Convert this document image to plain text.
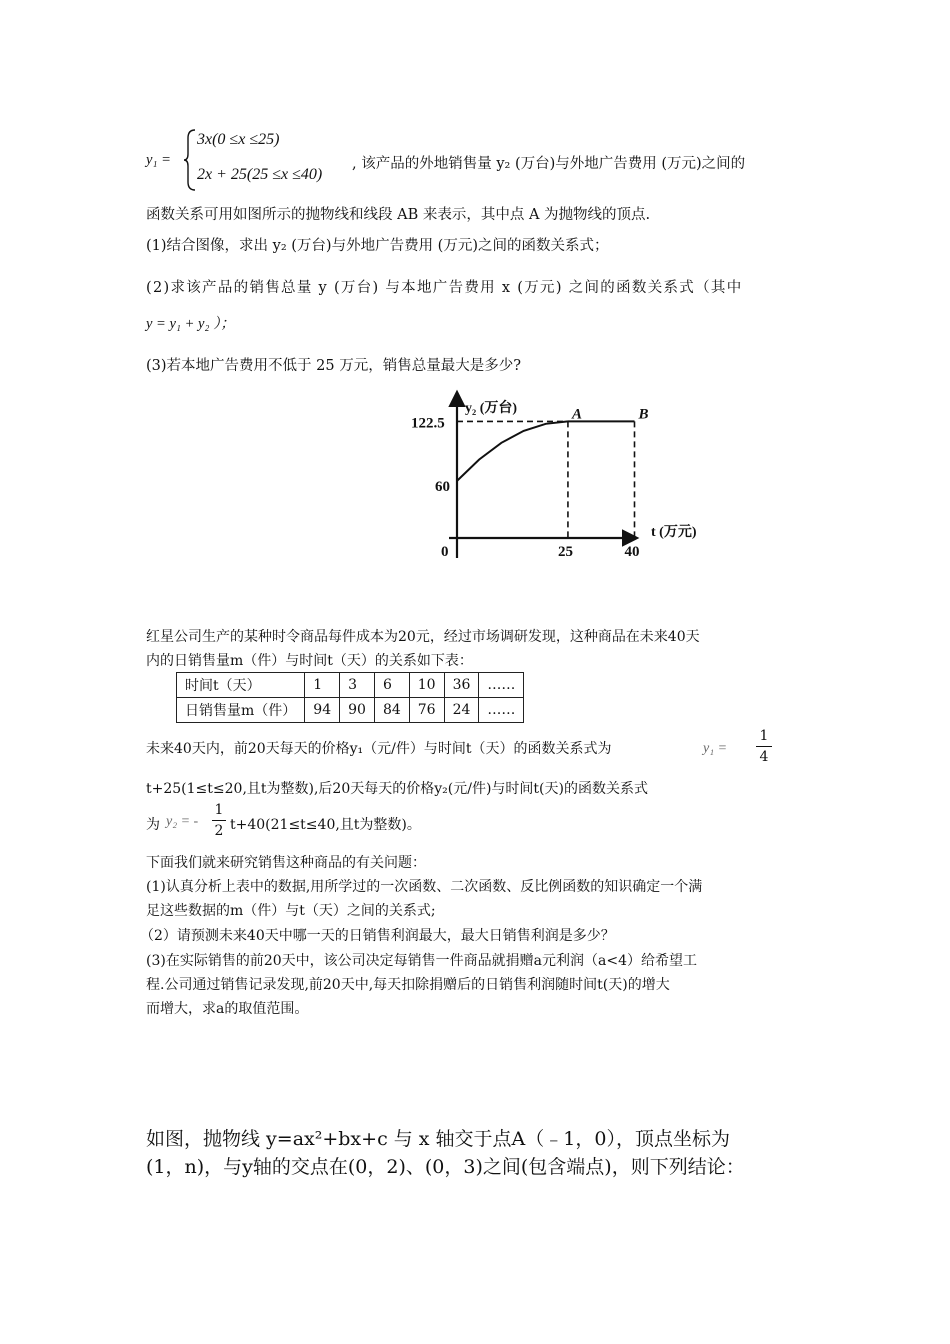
y₁ =
3x(0 ≤x ≤25)
2x + 25(25 ≤x ≤40)
, 该产品的外地销售量 y₂ (万台)与外地广告费用 (万元)之间的
函数关系可用如图所示的抛物线和线段 AB 来表示，其中点 A 为抛物线的顶点.
(1)结合图像，求出 y₂ (万台)与外地广告费用 (万元)之间的函数关系式；
(2)求该产品的销售总量 y (万台) 与本地广告费用 x (万元) 之间的函数关系式（其中
y = y₁ + y₂ ）；
(3)若本地广告费用不低于 25 万元，销售总量最大是多少?
122.5
60
0	25	40
A	B
y₂ (万台)
t (万元)
红星公司生产的某种时令商品每件成本为20元，经过市场调研发现，这种商品在未来40天
内的日销售量m（件）与时间t（天）的关系如下表：
时间t（天）	1	3	6	10	36	……
日销售量m（件）	94	90	84	76	24	……
未来40天内，前20天每天的价格y₁（元/件）与时间t（天）的函数关系式为	y₁ =
1
4
t+25(1≤t≤20,且t为整数),后20天每天的价格y₂(元/件)与时间t(天)的函数关系式
为 y₂ = -
1
2 t+40(21≤t≤40,且t为整数)。
下面我们就来研究销售这种商品的有关问题：
(1)认真分析上表中的数据,用所学过的一次函数、二次函数、反比例函数的知识确定一个满
足这些数据的m（件）与t（天）之间的关系式;
（2）请预测未来40天中哪一天的日销售利润最大，最大日销售利润是多少？
(3)在实际销售的前20天中，该公司决定每销售一件商品就捐赠a元利润（a<4）给希望工
程.公司通过销售记录发现,前20天中,每天扣除捐赠后的日销售利润随时间t(天)的增大
而增大，求a的取值范围。
如图，抛物线 y=ax²+bx+c 与 x 轴交于点A（﹣1，0），顶点坐标为
(1，n)，与y轴的交点在(0，2)、(0，3)之间(包含端点)，则下列结论：
